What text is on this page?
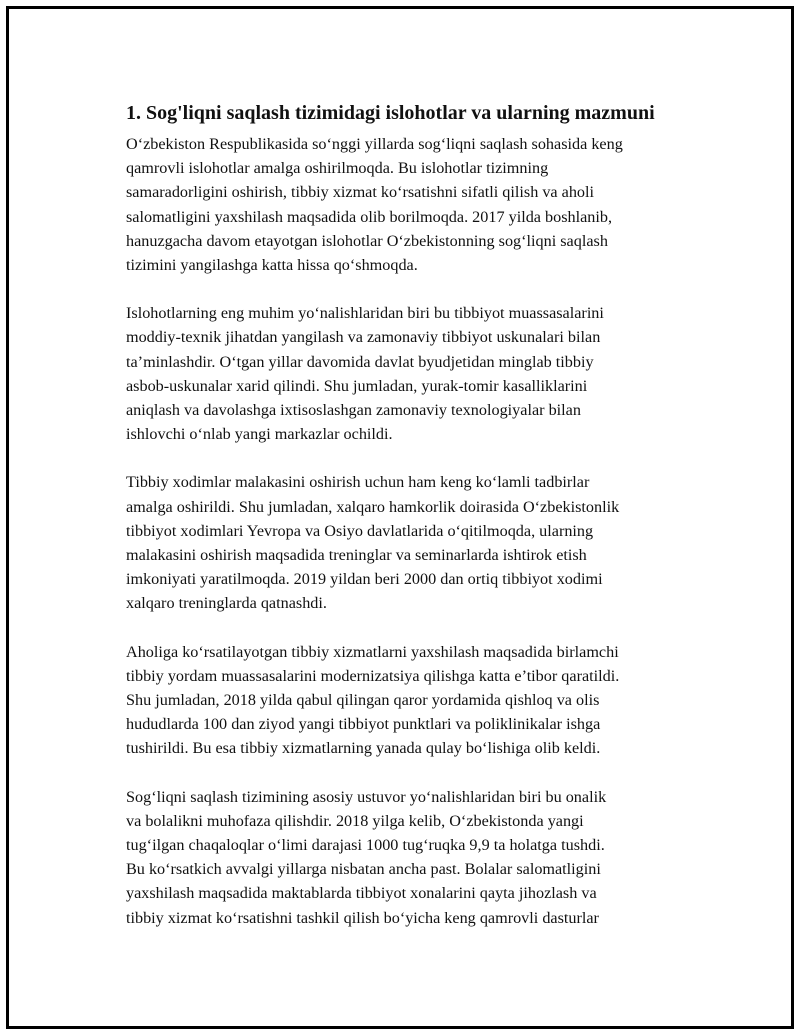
1. Sog'liqni saqlash tizimidagi islohotlar va ularning mazmuni

O‘zbekiston Respublikasida so‘nggi yillarda sog‘liqni saqlash sohasida keng
qamrovli islohotlar amalga oshirilmoqda. Bu islohotlar tizimning
samaradorligini oshirish, tibbiy xizmat ko‘rsatishni sifatli qilish va aholi
salomatligini yaxshilash maqsadida olib borilmoqda. 2017 yilda boshlanib,
hanuzgacha davom etayotgan islohotlar O‘zbekistonning sog‘liqni saqlash
tizimini yangilashga katta hissa qo‘shmoqda.

Islohotlarning eng muhim yo‘nalishlaridan biri bu tibbiyot muassasalarini
moddiy-texnik jihatdan yangilash va zamonaviy tibbiyot uskunalari bilan
ta’minlashdir. O‘tgan yillar davomida davlat byudjetidan minglab tibbiy
asbob-uskunalar xarid qilindi. Shu jumladan, yurak-tomir kasalliklarini
aniqlash va davolashga ixtisoslashgan zamonaviy texnologiyalar bilan
ishlovchi o‘nlab yangi markazlar ochildi.

Tibbiy xodimlar malakasini oshirish uchun ham keng ko‘lamli tadbirlar
amalga oshirildi. Shu jumladan, xalqaro hamkorlik doirasida O‘zbekistonlik
tibbiyot xodimlari Yevropa va Osiyo davlatlarida o‘qitilmoqda, ularning
malakasini oshirish maqsadida treninglar va seminarlarda ishtirok etish
imkoniyati yaratilmoqda. 2019 yildan beri 2000 dan ortiq tibbiyot xodimi
xalqaro treninglarda qatnashdi.

Aholiga ko‘rsatilayotgan tibbiy xizmatlarni yaxshilash maqsadida birlamchi
tibbiy yordam muassasalarini modernizatsiya qilishga katta e’tibor qaratildi.
Shu jumladan, 2018 yilda qabul qilingan qaror yordamida qishloq va olis
hududlarda 100 dan ziyod yangi tibbiyot punktlari va poliklinikalar ishga
tushirildi. Bu esa tibbiy xizmatlarning yanada qulay bo‘lishiga olib keldi.

Sog‘liqni saqlash tizimining asosiy ustuvor yo‘nalishlaridan biri bu onalik
va bolalikni muhofaza qilishdir. 2018 yilga kelib, O‘zbekistonda yangi
tug‘ilgan chaqaloqlar o‘limi darajasi 1000 tug‘ruqka 9,9 ta holatga tushdi.
Bu ko‘rsatkich avvalgi yillarga nisbatan ancha past. Bolalar salomatligini
yaxshilash maqsadida maktablarda tibbiyot xonalarini qayta jihozlash va
tibbiy xizmat ko‘rsatishni tashkil qilish bo‘yicha keng qamrovli dasturlar
